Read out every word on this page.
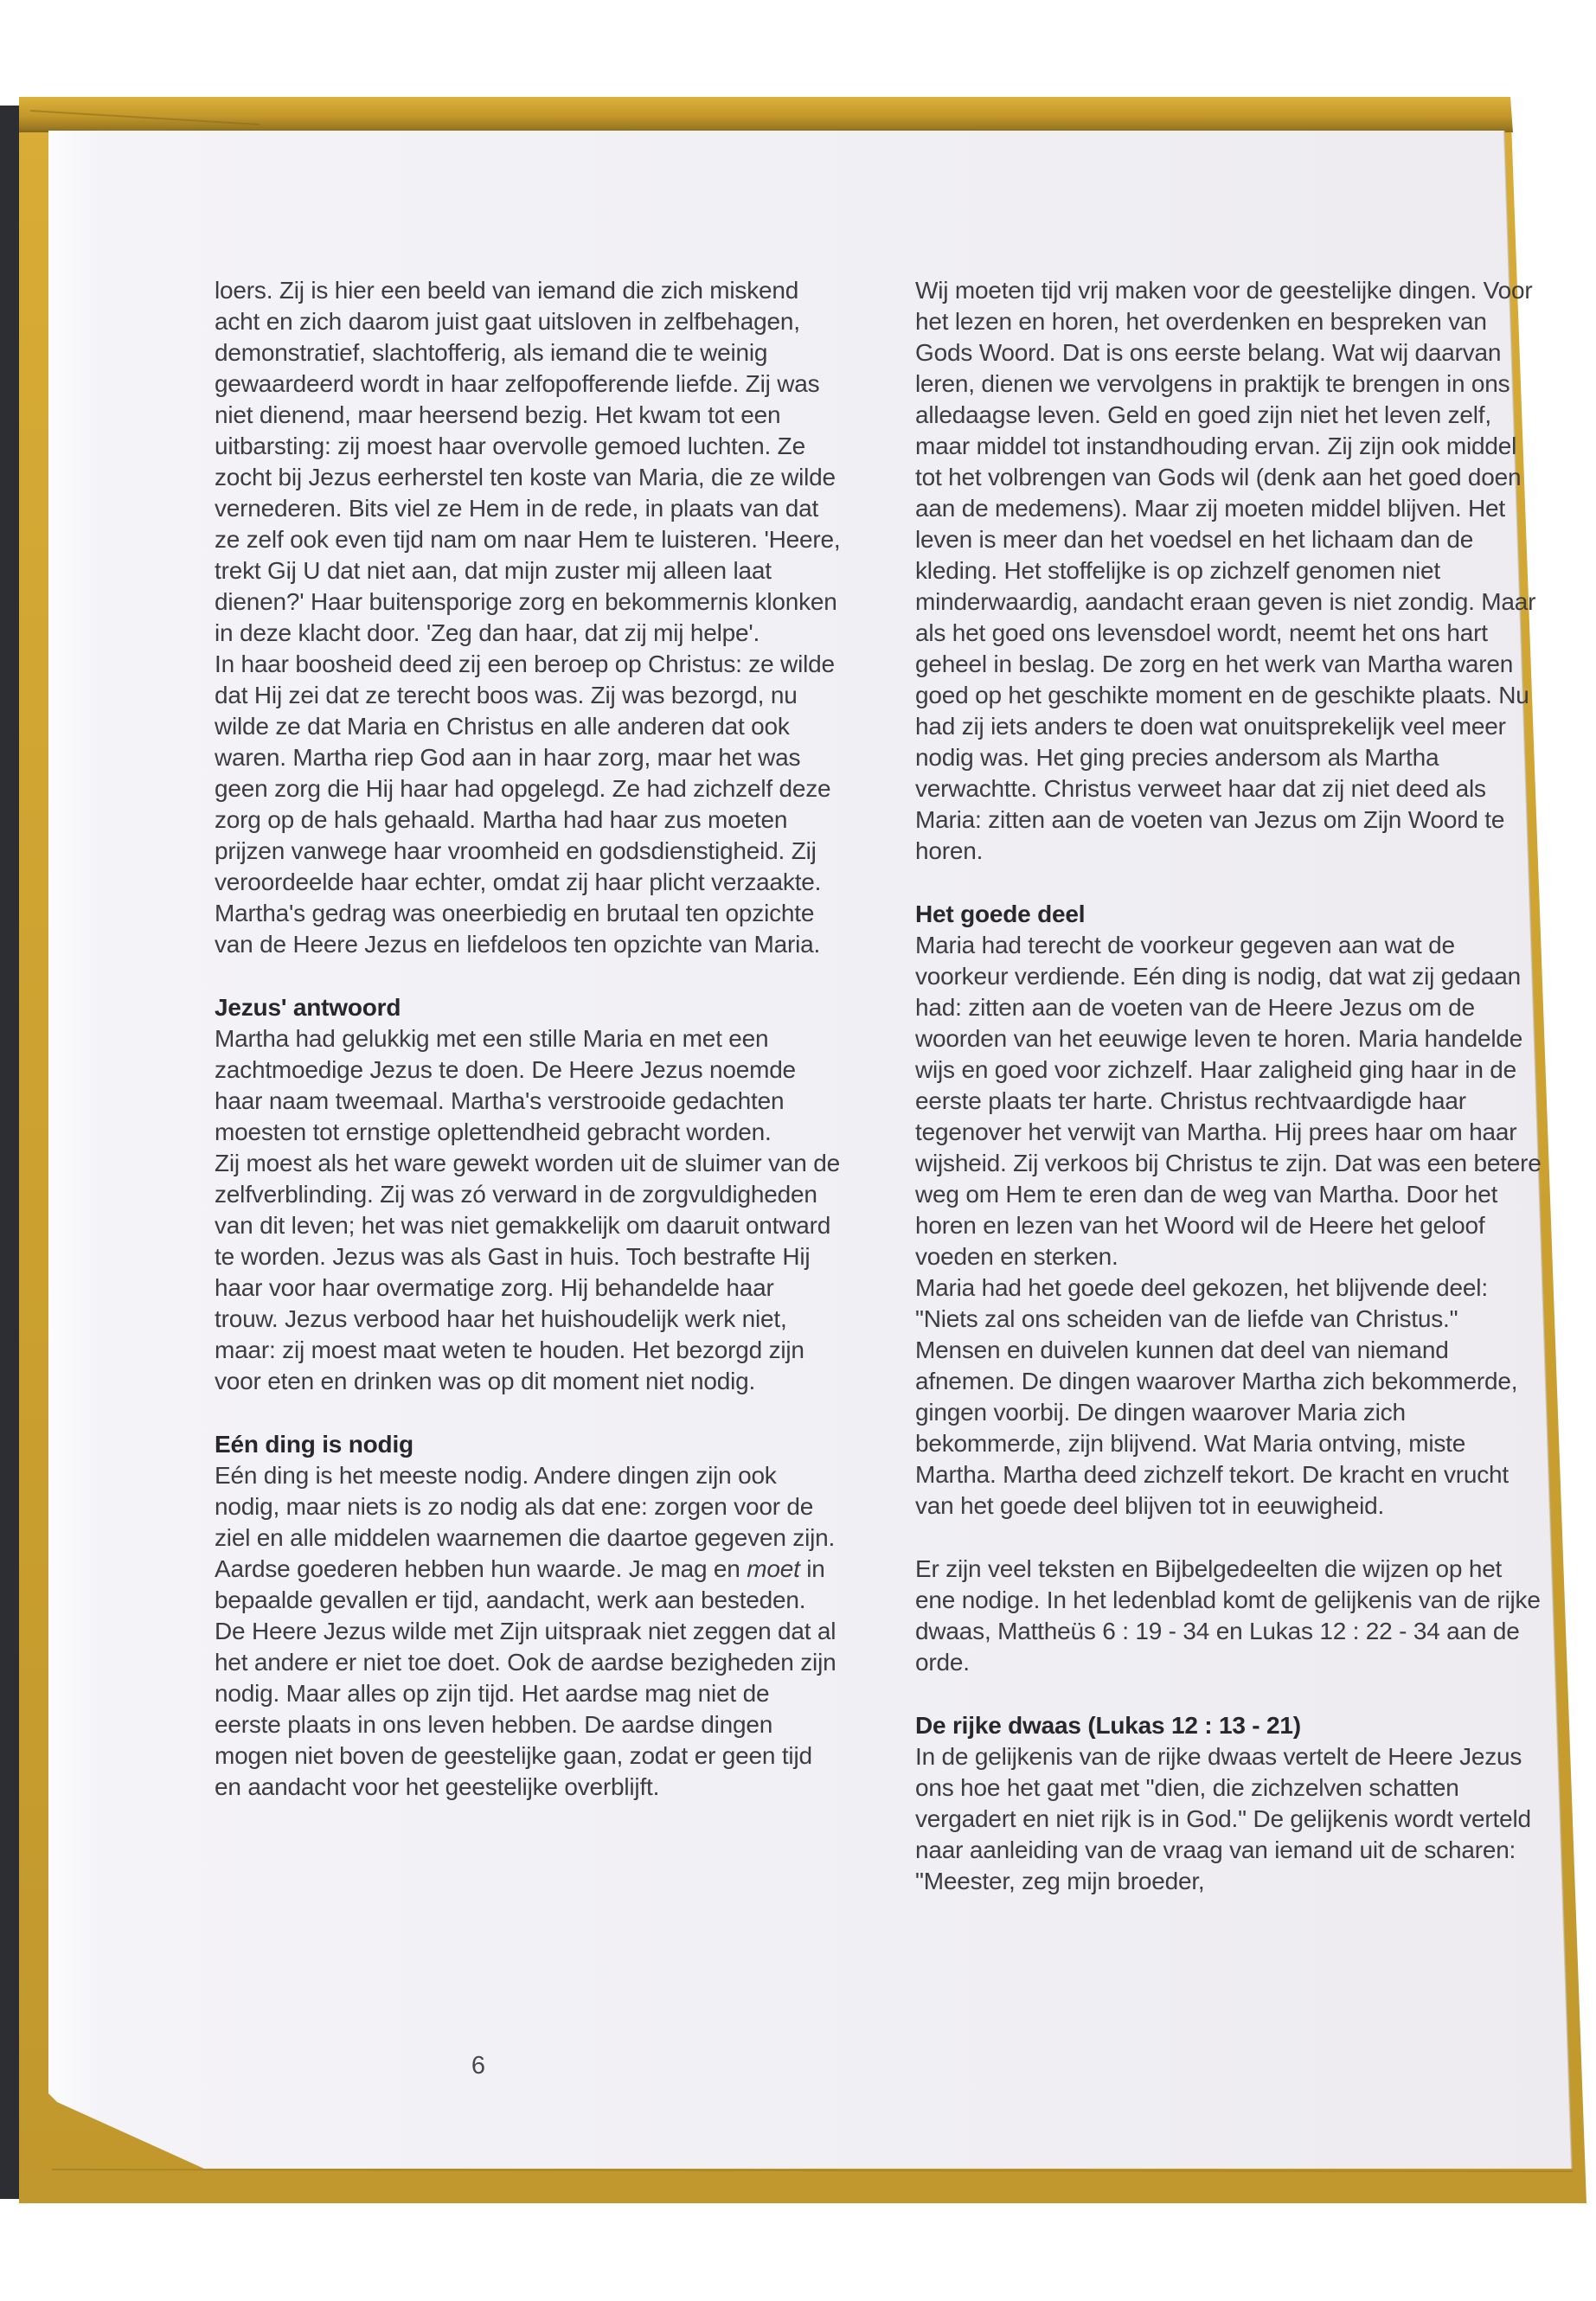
loers. Zij is hier een beeld van iemand die zich miskend acht en zich daarom juist gaat uitsloven in zelfbehagen, demonstratief, slachtofferig, als iemand die te weinig gewaardeerd wordt in haar zelfopofferende liefde. Zij was niet dienend, maar heersend bezig. Het kwam tot een uitbarsting: zij moest haar overvolle gemoed luchten. Ze zocht bij Jezus eerherstel ten koste van Maria, die ze wilde vernederen. Bits viel ze Hem in de rede, in plaats van dat ze zelf ook even tijd nam om naar Hem te luisteren. 'Heere, trekt Gij U dat niet aan, dat mijn zuster mij alleen laat dienen?' Haar buitensporige zorg en bekommernis klonken in deze klacht door. 'Zeg dan haar, dat zij mij helpe'.

In haar boosheid deed zij een beroep op Christus: ze wilde dat Hij zei dat ze terecht boos was. Zij was bezorgd, nu wilde ze dat Maria en Christus en alle anderen dat ook waren. Martha riep God aan in haar zorg, maar het was geen zorg die Hij haar had opgelegd. Ze had zichzelf deze zorg op de hals gehaald. Martha had haar zus moeten prijzen vanwege haar vroomheid en godsdienstigheid. Zij veroordeelde haar echter, omdat zij haar plicht verzaakte. Martha's gedrag was oneerbiedig en brutaal ten opzichte van de Heere Jezus en liefdeloos ten opzichte van Maria.

Jezus' antwoord

Martha had gelukkig met een stille Maria en met een zachtmoedige Jezus te doen. De Heere Jezus noemde haar naam tweemaal. Martha's verstrooide gedachten moesten tot ernstige oplettendheid gebracht worden.

Zij moest als het ware gewekt worden uit de sluimer van de zelfverblinding. Zij was zó verward in de zorgvuldigheden van dit leven; het was niet gemakkelijk om daaruit ontward te worden. Jezus was als Gast in huis. Toch bestrafte Hij haar voor haar overmatige zorg. Hij behandelde haar trouw. Jezus verbood haar het huishoudelijk werk niet, maar: zij moest maat weten te houden. Het bezorgd zijn voor eten en drinken was op dit moment niet nodig.

Eén ding is nodig

Eén ding is het meeste nodig. Andere dingen zijn ook nodig, maar niets is zo nodig als dat ene: zorgen voor de ziel en alle middelen waarnemen die daartoe gegeven zijn. Aardse goederen hebben hun waarde. Je mag en moet in bepaalde gevallen er tijd, aandacht, werk aan besteden. De Heere Jezus wilde met Zijn uitspraak niet zeggen dat al het andere er niet toe doet. Ook de aardse bezigheden zijn nodig. Maar alles op zijn tijd. Het aardse mag niet de eerste plaats in ons leven hebben. De aardse dingen mogen niet boven de geestelijke gaan, zodat er geen tijd en aandacht voor het geestelijke overblijft.

Wij moeten tijd vrij maken voor de geestelijke dingen. Voor het lezen en horen, het overdenken en bespreken van Gods Woord. Dat is ons eerste belang. Wat wij daarvan leren, dienen we vervolgens in praktijk te brengen in ons alledaagse leven. Geld en goed zijn niet het leven zelf, maar middel tot instandhouding ervan. Zij zijn ook middel tot het volbrengen van Gods wil (denk aan het goed doen aan de medemens). Maar zij moeten middel blijven. Het leven is meer dan het voedsel en het lichaam dan de kleding. Het stoffelijke is op zichzelf genomen niet minderwaardig, aandacht eraan geven is niet zondig. Maar als het goed ons levensdoel wordt, neemt het ons hart geheel in beslag. De zorg en het werk van Martha waren goed op het geschikte moment en de geschikte plaats. Nu had zij iets anders te doen wat onuitsprekelijk veel meer nodig was. Het ging precies andersom als Martha verwachtte. Christus verweet haar dat zij niet deed als Maria: zitten aan de voeten van Jezus om Zijn Woord te horen.

Het goede deel

Maria had terecht de voorkeur gegeven aan wat de voorkeur verdiende. Eén ding is nodig, dat wat zij gedaan had: zitten aan de voeten van de Heere Jezus om de woorden van het eeuwige leven te horen. Maria handelde wijs en goed voor zichzelf. Haar zaligheid ging haar in de eerste plaats ter harte. Christus rechtvaardigde haar tegenover het verwijt van Martha. Hij prees haar om haar wijsheid. Zij verkoos bij Christus te zijn. Dat was een betere weg om Hem te eren dan de weg van Martha. Door het horen en lezen van het Woord wil de Heere het geloof voeden en sterken.

Maria had het goede deel gekozen, het blijvende deel: "Niets zal ons scheiden van de liefde van Christus." Mensen en duivelen kunnen dat deel van niemand afnemen. De dingen waarover Martha zich bekommerde, gingen voorbij. De dingen waarover Maria zich bekommerde, zijn blijvend. Wat Maria ontving, miste Martha. Martha deed zichzelf tekort. De kracht en vrucht van het goede deel blijven tot in eeuwigheid.

Er zijn veel teksten en Bijbelgedeelten die wijzen op het ene nodige. In het ledenblad komt de gelijkenis van de rijke dwaas, Mattheüs 6 : 19 - 34 en Lukas 12 : 22 - 34 aan de orde.

De rijke dwaas (Lukas 12 : 13 - 21)

In de gelijkenis van de rijke dwaas vertelt de Heere Jezus ons hoe het gaat met "dien, die zichzelven schatten vergadert en niet rijk is in God." De gelijkenis wordt verteld naar aanleiding van de vraag van iemand uit de scharen: "Meester, zeg mijn broeder,

6
